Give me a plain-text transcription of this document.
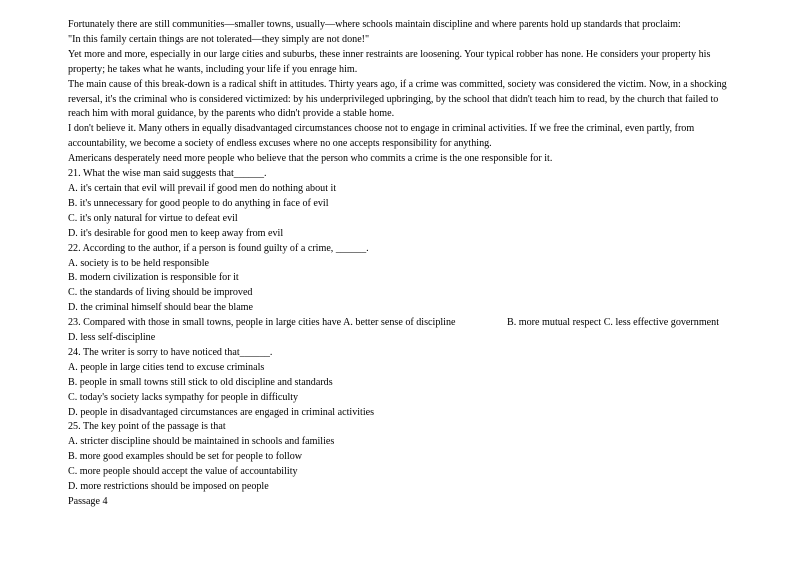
Fortunately there are still communities—smaller towns, usually—where schools maintain discipline and where parents hold up standards that proclaim:

"In this family certain things are not tolerated—they simply are not done!"

Yet more and more, especially in our large cities and suburbs, these inner restraints are loosening. Your typical robber has none. He considers your property his property; he takes what he wants, including your life if you enrage him.

The main cause of this break-down is a radical shift in attitudes. Thirty years ago, if a crime was committed, society was considered the victim. Now, in a shocking reversal, it's the criminal who is considered victimized: by his underprivileged upbringing, by the school that didn't teach him to read, by the church that failed to reach him with moral guidance, by the parents who didn't provide a stable home.

I don't believe it. Many others in equally disadvantaged circumstances choose not to engage in criminal activities. If we free the criminal, even partly, from accountability, we become a society of endless excuses where no one accepts responsibility for anything.

Americans desperately need more people who believe that the person who commits a crime is the one responsible for it.

21. What the wise man said suggests that______.

A. it's certain that evil will prevail if good men do nothing about it

B. it's unnecessary for good people to do anything in face of evil

C. it's only natural for virtue to defeat evil

D. it's desirable for good men to keep away from evil

22. According to the author, if a person is found guilty of a crime, ______.

A. society is to be held responsible

B. modern civilization is responsible for it

C. the standards of living should be improved

D. the criminal himself should bear the blame

23. Compared with those in small towns, people in large cities have A. better sense of discipline	B. more mutual respect C. less effective government

D. less self-discipline

24. The writer is sorry to have noticed that______.

A. people in large cities tend to excuse criminals

B. people in small towns still stick to old discipline and standards

C. today's society lacks sympathy for people in difficulty

D. people in disadvantaged circumstances are engaged in criminal activities

25. The key point of the passage is that

A. stricter discipline should be maintained in schools and families

B. more good examples should be set for people to follow

C. more people should accept the value of accountability

D. more restrictions should be imposed on people

Passage 4
